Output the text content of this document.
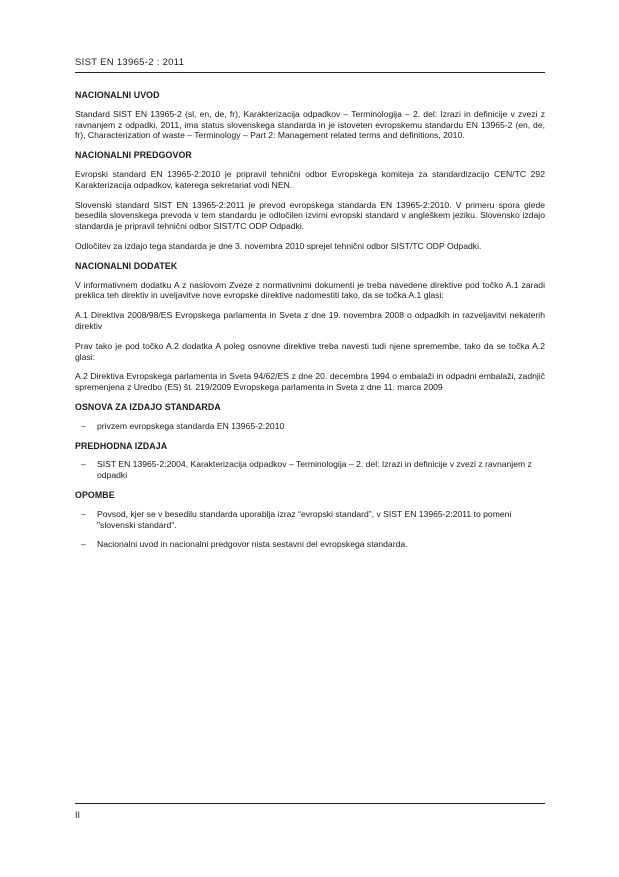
SIST EN 13965-2 : 2011
NACIONALNI UVOD

Standard SIST EN 13965-2 (sl, en, de, fr), Karakterizacija odpadkov – Terminologija – 2. del: Izrazi in definicije v zvezi z ravnanjem z odpadki, 2011, ima status slovenskega standarda in je istoveten evropskemu standardu EN 13965-2 (en, de, fr), Characterization of waste – Terminology – Part 2: Management related terms and definitions, 2010.

NACIONALNI PREDGOVOR

Evropski standard EN 13965-2:2010 je pripravil tehnični odbor Evropskega komiteja za standardizacijo CEN/TC 292 Karakterizacija odpadkov, katerega sekretariat vodi NEN.

Slovenski standard SIST EN 13965-2:2011 je prevod evropskega standarda EN 13965-2:2010. V primeru spora glede besedila slovenskega prevoda v tem standardu je odločilen izvirni evropski standard v angleškem jeziku. Slovensko izdajo standarda je pripravil tehnični odbor SIST/TC ODP Odpadki.

Odločitev za izdajo tega standarda je dne 3. novembra 2010 sprejel tehnični odbor SIST/TC ODP Odpadki.

NACIONALNI DODATEK

V informativnem dodatku A z naslovom Zveze z normativnimi dokumenti je treba navedene direktive pod točko A.1 zaradi preklica teh direktiv in uveljavitve nove evropske direktive nadomestiti tako, da se točka A.1 glasi:

A.1 Direktiva 2008/98/ES Evropskega parlamenta in Sveta z dne 19. novembra 2008 o odpadkih in razveljavitvi nekaterih direktiv

Prav tako je pod točko A.2 dodatka A poleg osnovne direktive treba navesti tudi njene spremembe, tako da se točka A.2 glasi:

A.2 Direktiva Evropskega parlamenta in Sveta 94/62/ES z dne 20. decembra 1994 o embalaži in odpadni embalaži, zadnjič spremenjena z Uredbo (ES) št. 219/2009 Evropskega parlamenta in Sveta z dne 11. marca 2009

OSNOVA ZA IZDAJO STANDARDA
– privzem evropskega standarda EN 13965-2:2010
PREDHODNA IZDAJA
– SIST EN 13965-2:2004, Karakterizacija odpadkov – Terminologija – 2. del: Izrazi in definicije v zvezi z ravnanjem z odpadki
OPOMBE
– Povsod, kjer se v besedilu standarda uporablja izraz “evropski standard”, v SIST EN 13965-2:2011 to pomeni "slovenski standard".
– Nacionalni uvod in nacionalni predgovor nista sestavni del evropskega standarda.
II
